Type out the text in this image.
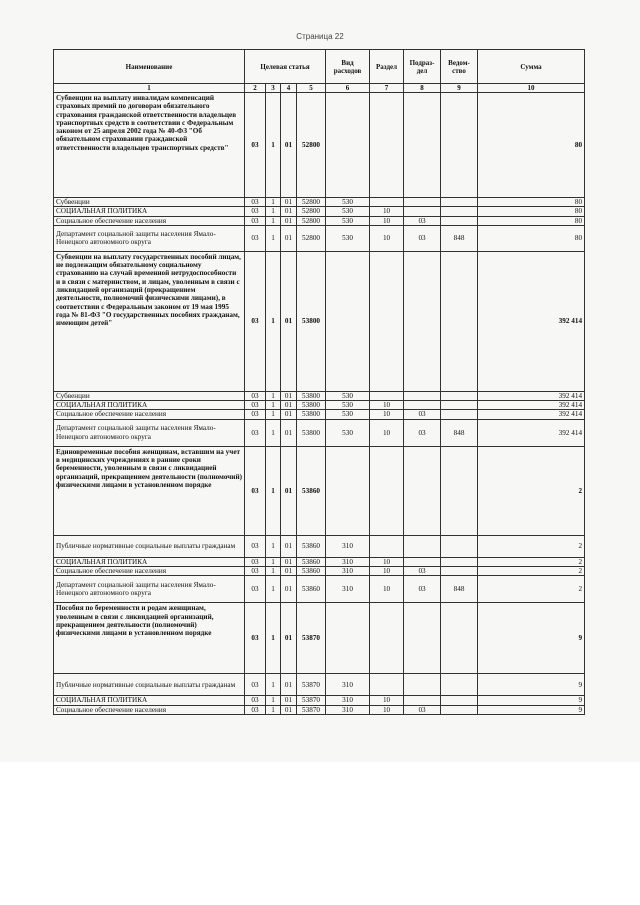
Страница 22
Наименование	Целевая статья				Вид расходов	Раздел	Подраз-дел	Ведом-ство	Сумма
1	2	3	4	5	6	7	8	9	10
Субвенции на выплату инвалидам компенсаций страховых премий по договорам обязательного страхования гражданской ответственности владельцев транспортных средств в соответствии с Федеральным законом от 25 апреля 2002 года № 40-ФЗ "Об обязательном страховании гражданской ответственности владельцев транспортных средств"	03	1	01	52800					80
Субвенции	03	1	01	52800	530				80
СОЦИАЛЬНАЯ ПОЛИТИКА	03	1	01	52800	530	10			80
Социальное обеспечение населения	03	1	01	52800	530	10	03		80
Департамент социальной защиты населения Ямало-Ненецкого автономного округа	03	1	01	52800	530	10	03	848	80
Субвенции на выплату государственных пособий лицам, не подлежащим обязательному социальному страхованию на случай временной нетрудоспособности и в связи с материнством, и лицам, уволенным в связи с ликвидацией организаций (прекращением деятельности, полномочий физическими лицами), в соответствии с Федеральным законом от 19 мая 1995 года № 81-ФЗ "О государственных пособиях гражданам, имеющим детей"	03	1	01	53800					392 414
Субвенции	03	1	01	53800	530				392 414
СОЦИАЛЬНАЯ ПОЛИТИКА	03	1	01	53800	530	10			392 414
Социальное обеспечение населения	03	1	01	53800	530	10	03		392 414
Департамент социальной защиты населения Ямало-Ненецкого автономного округа	03	1	01	53800	530	10	03	848	392 414
Единовременные пособия женщинам, вставшим на учет в медицинских учреждениях в ранние сроки беременности, уволенным в связи с ликвидацией организаций, прекращением деятельности (полномочий) физическими лицами в установленном порядке	03	1	01	53860					2
Публичные нормативные социальные выплаты гражданам	03	1	01	53860	310				2
СОЦИАЛЬНАЯ ПОЛИТИКА	03	1	01	53860	310	10			2
Социальное обеспечение населения	03	1	01	53860	310	10	03		2
Департамент социальной защиты населения Ямало-Ненецкого автономного округа	03	1	01	53860	310	10	03	848	2
Пособия по беременности и родам женщинам, уволенным в связи с ликвидацией организаций, прекращением деятельности (полномочий) физическими лицами в установленном порядке	03	1	01	53870					9
Публичные нормативные социальные выплаты гражданам	03	1	01	53870	310				9
СОЦИАЛЬНАЯ ПОЛИТИКА	03	1	01	53870	310	10			9
Социальное обеспечение населения	03	1	01	53870	310	10	03		9
